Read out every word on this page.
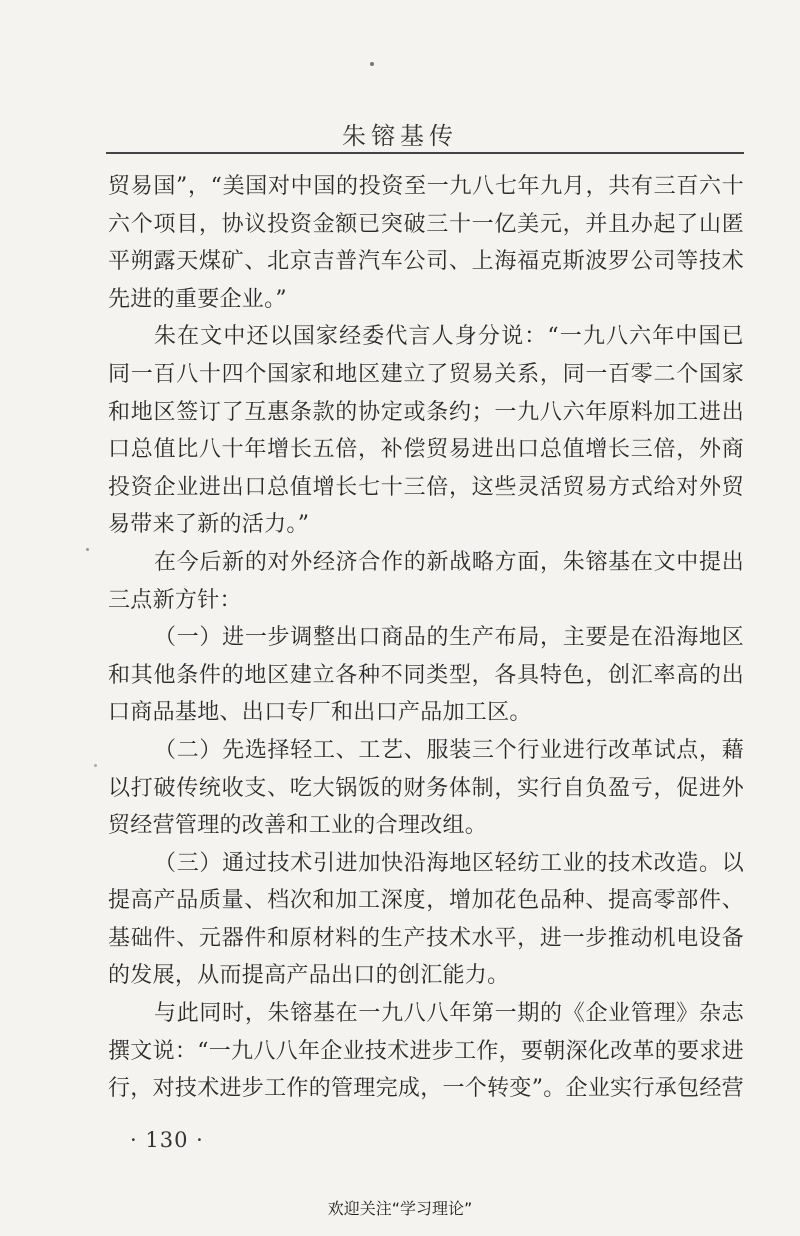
朱镕基传

贸易国”，“美国对中国的投资至一九八七年九月，共有三百六十六个项目，协议投资金额已突破三十一亿美元，并且办起了山匿平朔露天煤矿、北京吉普汽车公司、上海福克斯波罗公司等技术先进的重要企业。”

朱在文中还以国家经委代言人身分说：“一九八六年中国已同一百八十四个国家和地区建立了贸易关系，同一百零二个国家和地区签订了互惠条款的协定或条约；一九八六年原料加工进出口总值比八十年增长五倍，补偿贸易进出口总值增长三倍，外商投资企业进出口总值增长七十三倍，这些灵活贸易方式给对外贸易带来了新的活力。”

在今后新的对外经济合作的新战略方面，朱镕基在文中提出三点新方针：

（一）进一步调整出口商品的生产布局，主要是在沿海地区和其他条件的地区建立各种不同类型，各具特色，创汇率高的出口商品基地、出口专厂和出口产品加工区。

（二）先选择轻工、工艺、服装三个行业进行改革试点，藉以打破传统收支、吃大锅饭的财务体制，实行自负盈亏，促进外贸经营管理的改善和工业的合理改组。

（三）通过技术引进加快沿海地区轻纺工业的技术改造。以提高产品质量、档次和加工深度，增加花色品种、提高零部件、基础件、元器件和原材料的生产技术水平，进一步推动机电设备的发展，从而提高产品出口的创汇能力。

与此同时，朱镕基在一九八八年第一期的《企业管理》杂志撰文说：“一九八八年企业技术进步工作，要朝深化改革的要求进行，对技术进步工作的管理完成，一个转变”。企业实行承包经营

· 130 ·
欢迎关注“学习理论”
